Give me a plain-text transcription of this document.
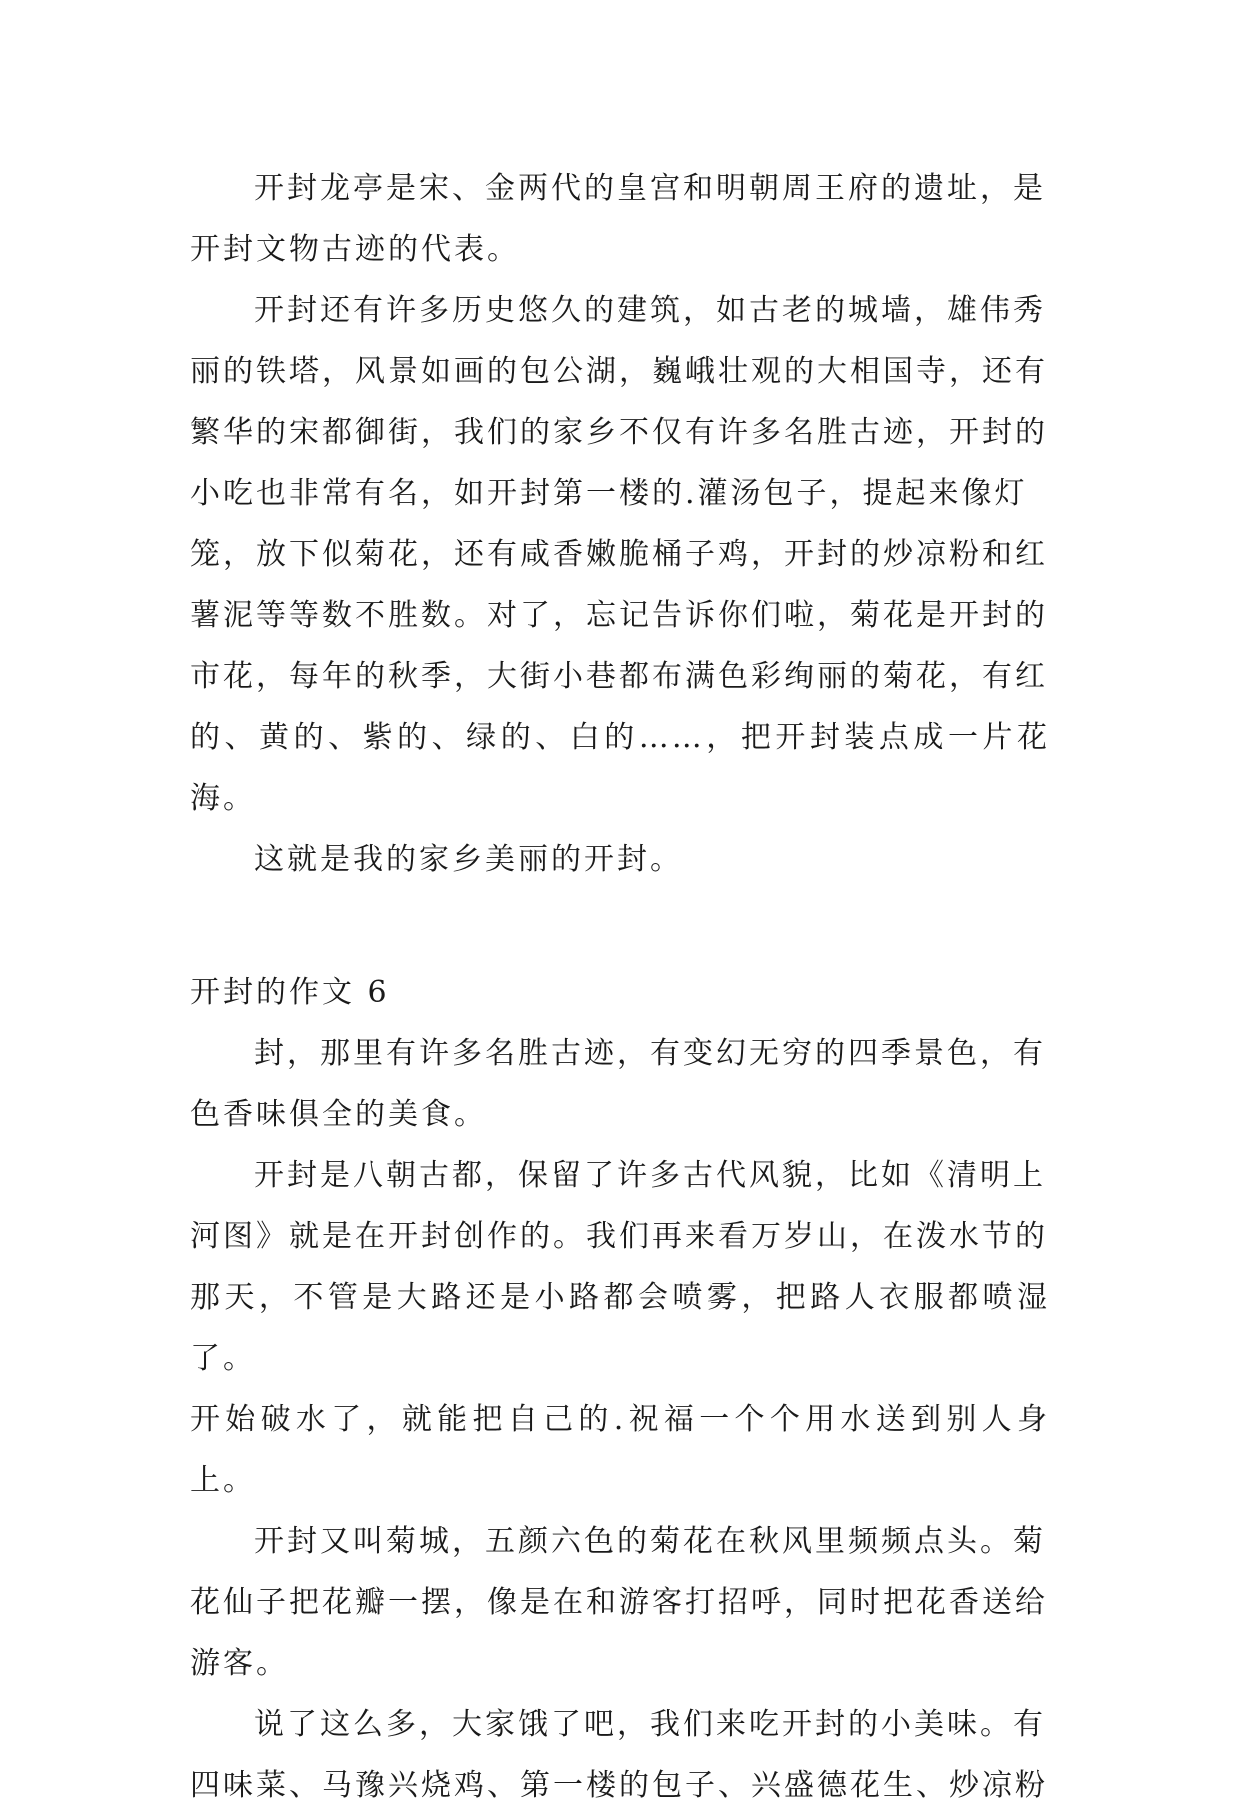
开封龙亭是宋、金两代的皇宫和明朝周王府的遗址，是
开封文物古迹的代表。

开封还有许多历史悠久的建筑，如古老的城墙，雄伟秀
丽的铁塔，风景如画的包公湖，巍峨壮观的大相国寺，还有
繁华的宋都御街，我们的家乡不仅有许多名胜古迹，开封的
小吃也非常有名，如开封第一楼的.灌汤包子，提起来像灯
笼，放下似菊花，还有咸香嫩脆桶子鸡，开封的炒凉粉和红
薯泥等等数不胜数。对了，忘记告诉你们啦，菊花是开封的
市花，每年的秋季，大街小巷都布满色彩绚丽的菊花，有红
的、黄的、紫的、绿的、白的……，把开封装点成一片花海。

这就是我的家乡美丽的开封。

开封的作文 6

封，那里有许多名胜古迹，有变幻无穷的四季景色，有
色香味俱全的美食。

开封是八朝古都，保留了许多古代风貌，比如《清明上
河图》就是在开封创作的。我们再来看万岁山，在泼水节的
那天，不管是大路还是小路都会喷雾，把路人衣服都喷湿了。
开始破水了，就能把自己的.祝福一个个用水送到别人身上。

开封又叫菊城，五颜六色的菊花在秋风里频频点头。菊
花仙子把花瓣一摆，像是在和游客打招呼，同时把花香送给
游客。

说了这么多，大家饿了吧，我们来吃开封的小美味。有
四味菜、马豫兴烧鸡、第一楼的包子、兴盛德花生、炒凉粉
